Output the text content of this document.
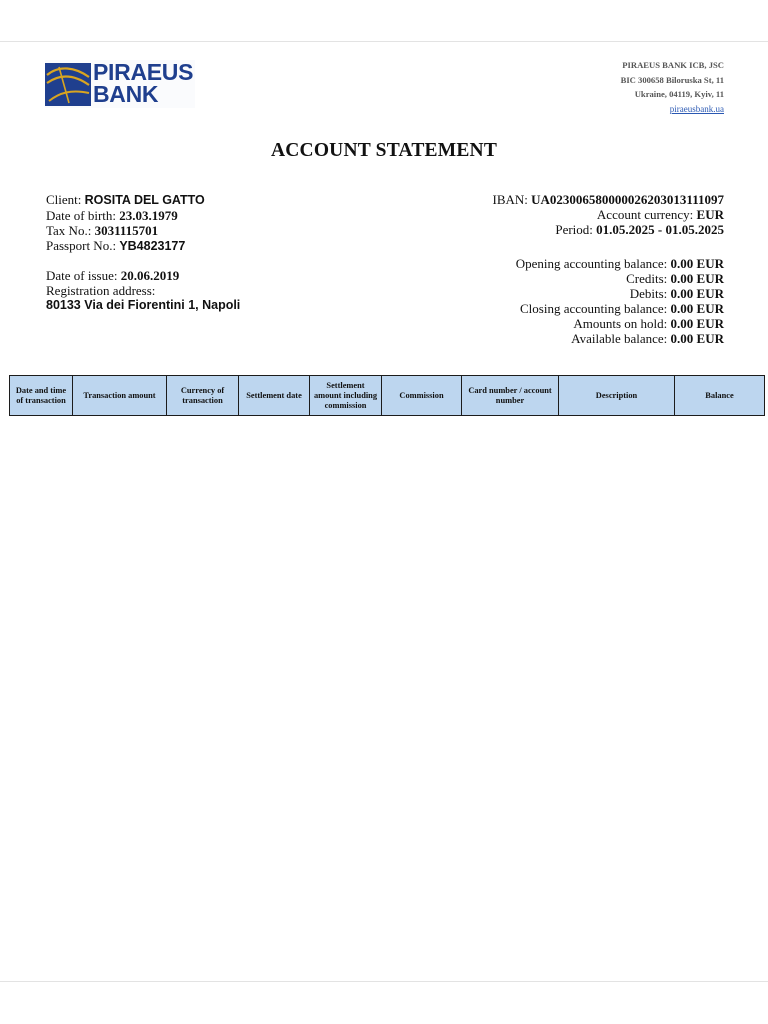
PIRAEUS
BANK
PIRAEUS BANK ICB, JSC
BIC 300658 Biloruska St, 11
Ukraine, 04119, Kyiv, 11
piraeusbank.ua
ACCOUNT STATEMENT
Client: ROSITA DEL GATTO
Date of birth: 23.03.1979
Tax No.: 3031115701
Passport No.: YB4823177
Date of issue: 20.06.2019
Registration address:
80133 Via dei Fiorentini 1, Napoli
IBAN: UA023006580000026203013111097
Account currency: EUR
Period: 01.05.2025 - 01.05.2025
Opening accounting balance: 0.00 EUR
Credits: 0.00 EUR
Debits: 0.00 EUR
Closing accounting balance: 0.00 EUR
Amounts on hold: 0.00 EUR
Available balance: 0.00 EUR
Date and time of transaction	Transaction amount	Currency of transaction	Settlement date	Settlement amount including commission	Commission	Card number / account number	Description	Balance
